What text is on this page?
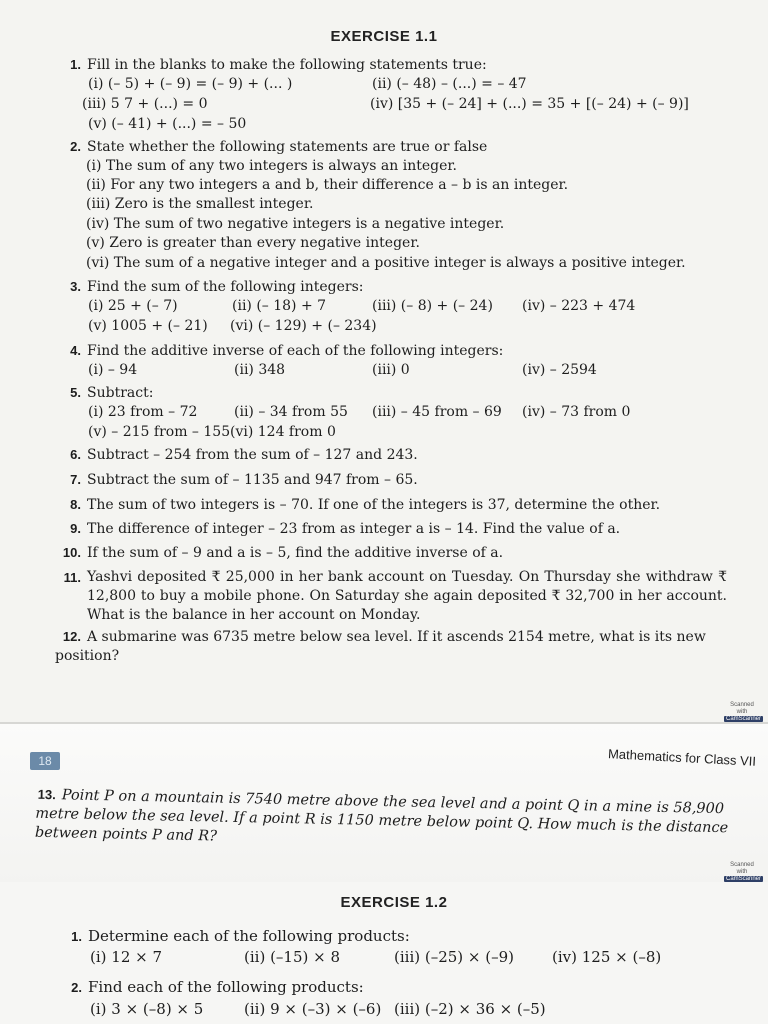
EXERCISE 1.1
1. Fill in the blanks to make the following statements true:
(i) (– 5) + (– 9) = (– 9) + (... )	(ii) (– 48) – (...) = – 47
(iii) 5 7 + (...) = 0	(iv) [35 + (– 24] + (...) = 35 + [(– 24) + (– 9)]
(v) (– 41) + (...) = – 50
2. State whether the following statements are true or false
(i) The sum of any two integers is always an integer.
(ii) For any two integers a and b, their difference a – b is an integer.
(iii) Zero is the smallest integer.
(iv) The sum of two negative integers is a negative integer.
(v) Zero is greater than every negative integer.
(vi) The sum of a negative integer and a positive integer is always a positive integer.
3. Find the sum of the following integers:
(i) 25 + (– 7)	(ii) (– 18) + 7	(iii) (– 8) + (– 24) (iv) – 223 + 474
(v) 1005 + (– 21) (vi) (– 129) + (– 234)
4. Find the additive inverse of each of the following integers:
(i) – 94	(ii) 348	(iii) 0	(iv) – 2594
5. Subtract:
(i) 23 from – 72	(ii) – 34 from 55 (iii) – 45 from – 69 (iv) – 73 from 0
(v) – 215 from – 155 (vi) 124 from 0
6. Subtract – 254 from the sum of – 127 and 243.
7. Subtract the sum of – 1135 and 947 from – 65.
8. The sum of two integers is – 70. If one of the integers is 37, determine the other.
9. The difference of integer – 23 from as integer a is – 14. Find the value of a.
10. If the sum of – 9 and a is – 5, find the additive inverse of a.
11. Yashvi deposited ₹ 25,000 in her bank account on Tuesday. On Thursday she withdraw ₹ 12,800 to buy a mobile phone. On Saturday she again deposited ₹ 32,700 in her account. What is the balance in her account on Monday.
12. A submarine was 6735 metre below sea level. If it ascends 2154 metre, what is its new position?
Scanned with
CamScanner
18	Mathematics for Class VII
13. Point P on a mountain is 7540 metre above the sea level and a point Q in a mine is 58,900 metre below the sea level. If a point R is 1150 metre below point Q. How much is the distance between points P and R?
Scanned with
CamScanner
EXERCISE 1.2
1. Determine each of the following products:
(i) 12 × 7	(ii) (–15) × 8	(iii) (–25) × (–9)	(iv) 125 × (–8)
2. Find each of the following products:
(i) 3 × (–8) × 5	(ii) 9 × (–3) × (–6) (iii) (–2) × 36 × (–5)
